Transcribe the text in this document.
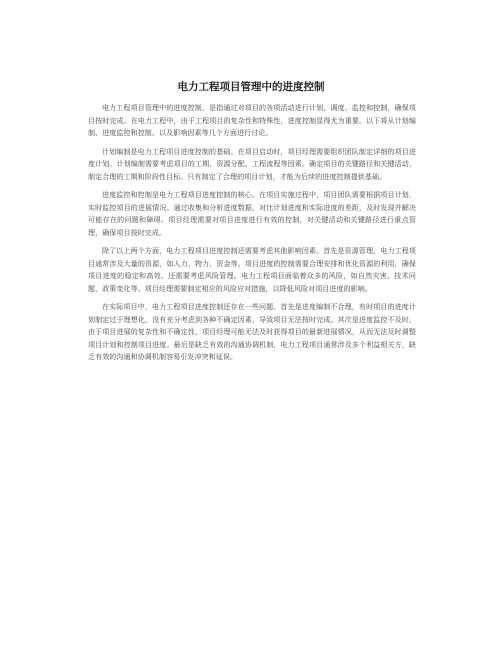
电力工程项目管理中的进度控制

电力工程项目管理中的进度控制，是指通过对项目的各项活动进行计划、调度、监控和控制，确保项目按时完成。在电力工程中，由于工程项目的复杂性和特殊性，进度控制显得尤为重要。以下将从计划编制、进度监控和控制、以及影响因素等几个方面进行讨论。

计划编制是电力工程项目进度控制的基础。在项目启动时，项目经理需要组织团队制定详细的项目进度计划。计划编制需要考虑项目的工期、资源分配、工程流程等因素，确定项目的关键路径和关键活动，制定合理的工期和阶段性目标。只有制定了合理的项目计划，才能为后续的进度控制提供基础。

进度监控和控制是电力工程项目进度控制的核心。在项目实施过程中，项目团队需要根据项目计划，实时监控项目的进展情况。通过收集和分析进度数据，对比计划进度和实际进度的差距，及时发现并解决可能存在的问题和障碍。项目经理需要对项目进度进行有效的控制，对关键活动和关键路径进行重点管理，确保项目按时完成。

除了以上两个方面，电力工程项目进度控制还需要考虑其他影响因素。首先是资源管理，电力工程项目通常涉及大量的资源，如人力、物力、资金等。项目进度的控制需要合理安排和优化资源的利用，确保项目进度的稳定和高效。还需要考虑风险管理。电力工程项目面临着众多的风险，如自然灾害、技术问题、政策变化等。项目经理需要制定相应的风险应对措施，以降低风险对项目进度的影响。

在实际项目中，电力工程项目进度控制还存在一些问题。首先是进度编制不合理，有时项目的进度计划制定过于理想化，没有充分考虑到各种不确定因素，导致项目无法按时完成。其次是进度监控不及时，由于项目进展的复杂性和不确定性，项目经理可能无法及时获得项目的最新进展情况，从而无法及时调整项目计划和控制项目进度。最后是缺乏有效的沟通协调机制，电力工程项目通常涉及多个利益相关方，缺乏有效的沟通和协调机制容易引发冲突和延误。
